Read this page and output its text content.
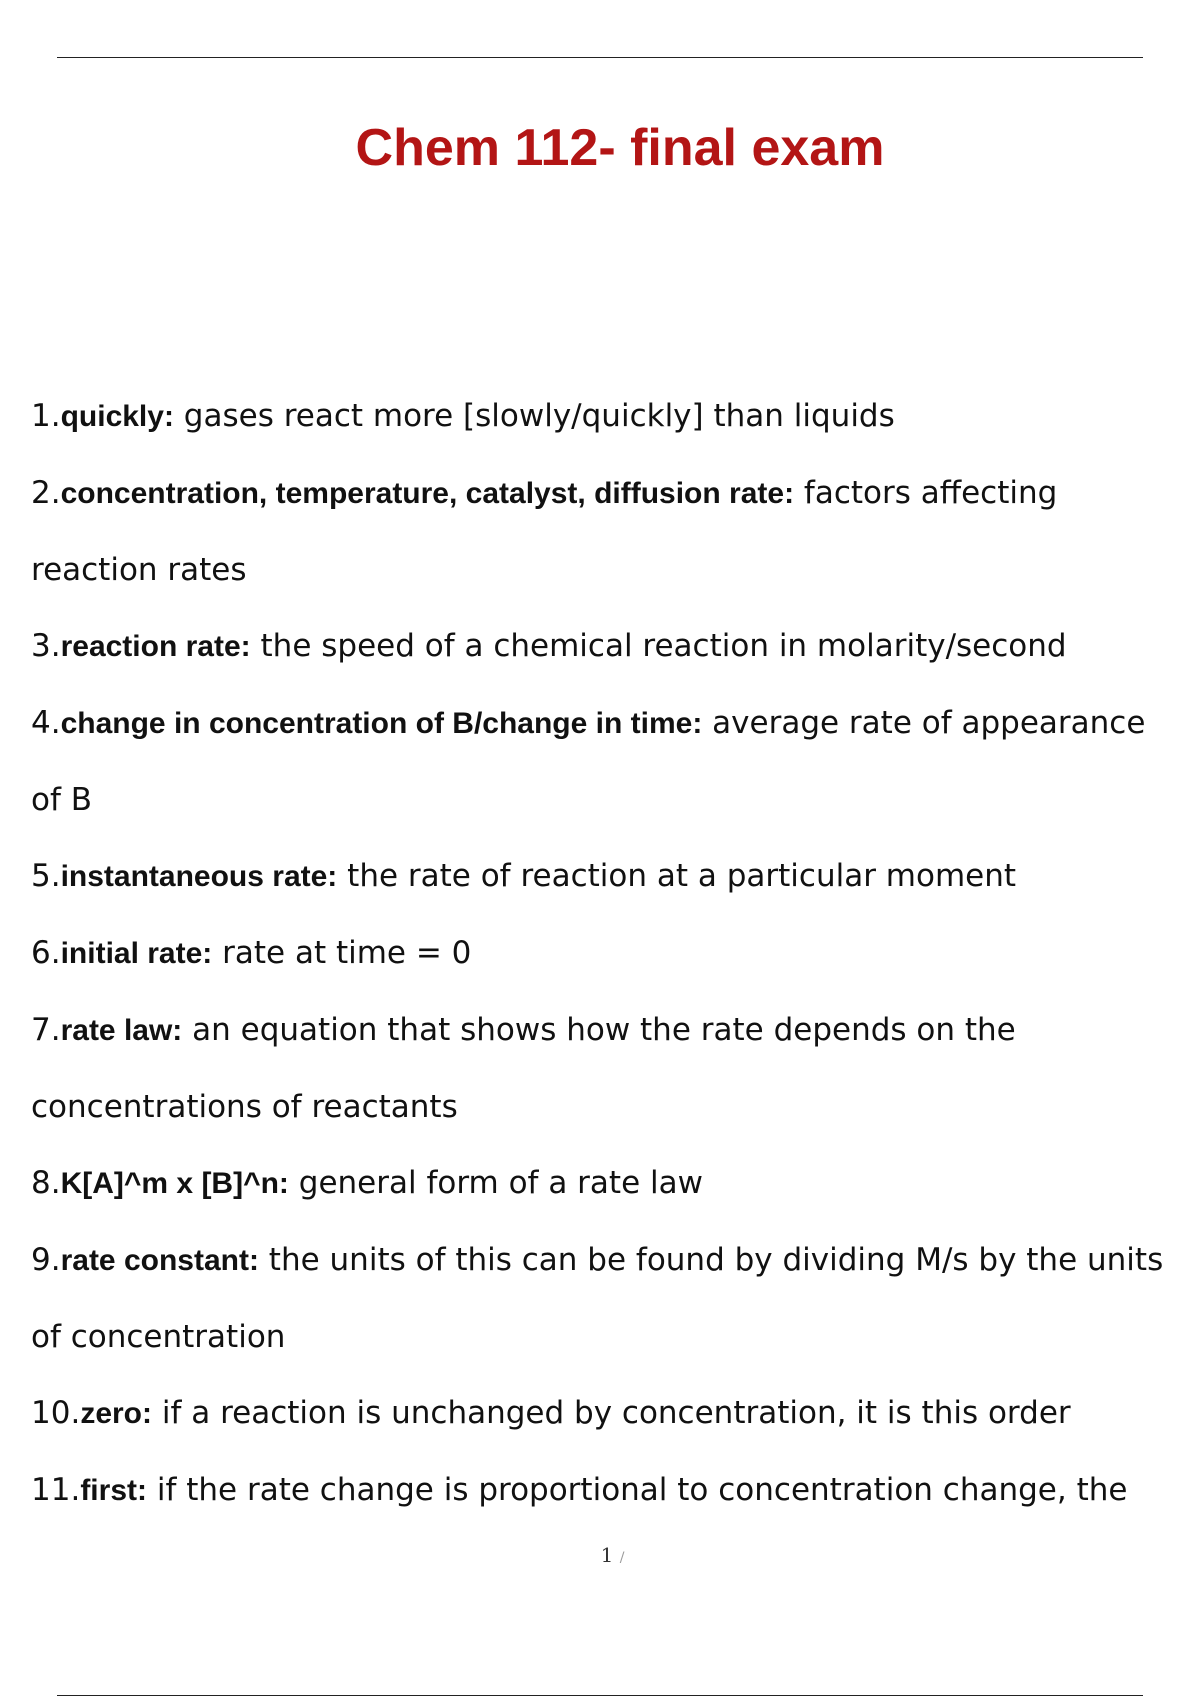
Chem 112- final exam
1.quickly: gases react more [slowly/quickly] than liquids
2.concentration, temperature, catalyst, diffusion rate: factors affecting reaction rates
3.reaction rate: the speed of a chemical reaction in molarity/second
4.change in concentration of B/change in time: average rate of appearance of B
5.instantaneous rate: the rate of reaction at a particular moment
6.initial rate: rate at time = 0
7.rate law: an equation that shows how the rate depends on the concentrations of reactants
8.K[A]^m x [B]^n: general form of a rate law
9.rate constant: the units of this can be found by dividing M/s by the units of concentration
10.zero: if a reaction is unchanged by concentration, it is this order
11.first: if the rate change is proportional to concentration change, the
1 /
